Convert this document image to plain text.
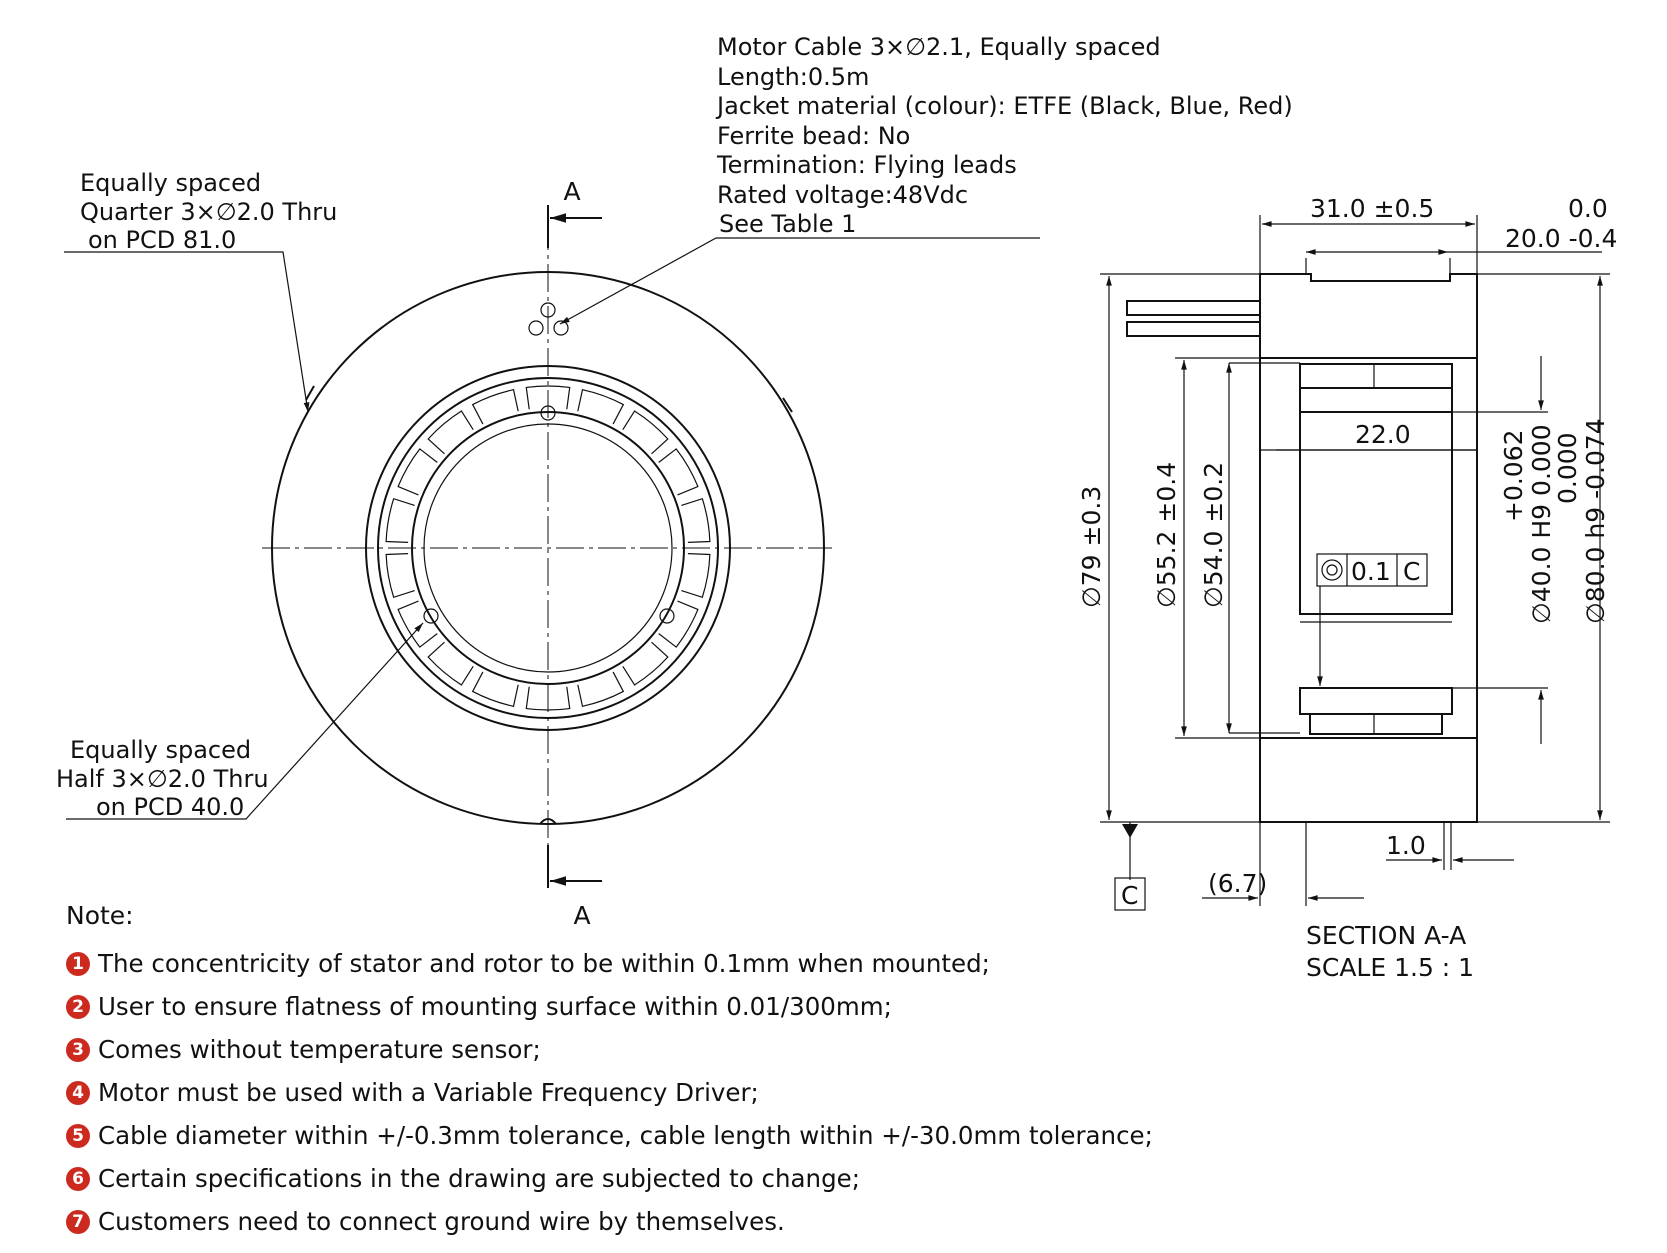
A
A
Motor Cable 3×∅2.1, Equally spaced
Length:0.5m
Jacket material (colour): ETFE (Black, Blue, Red)
Ferrite bead: No
Termination: Flying leads
Rated voltage:48Vdc
See Table 1
Equally spaced
Quarter 3×∅2.0 Thru
on PCD 81.0
Equally spaced
Half 3×∅2.0 Thru
on PCD 40.0
31.0 ±0.5	0.0
20.0 -0.4
22.0
∅79 ±0.3 ∅55.2 ±0.4 ∅54.0 ±0.2	+0.062 ∅40.0 H9 0.000
0.000 ∅80.0 h9 -0.074
0.1 C
C
1.0
(6.7)
SECTION A-A
SCALE 1.5 : 1
Note:
1 The concentricity of stator and rotor to be within 0.1mm when mounted;
2 User to ensure flatness of mounting surface within 0.01/300mm;
3 Comes without temperature sensor;
4 Motor must be used with a Variable Frequency Driver;
5 Cable diameter within +/-0.3mm tolerance, cable length within +/-30.0mm tolerance;
6 Certain specifications in the drawing are subjected to change;
7 Customers need to connect ground wire by themselves.
